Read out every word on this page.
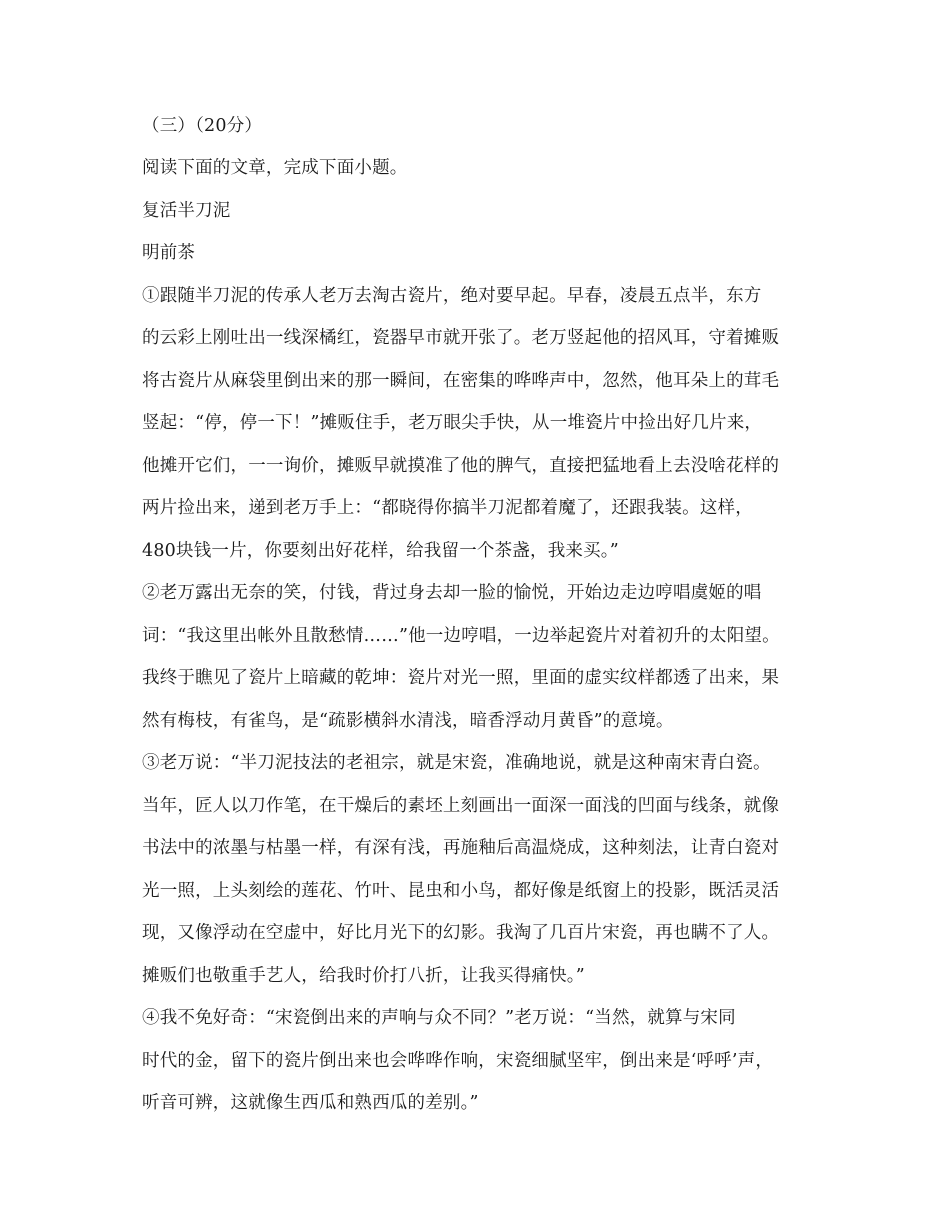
（三）（20分）
阅读下面的文章，完成下面小题。
复活半刀泥
明前茶
①跟随半刀泥的传承人老万去淘古瓷片，绝对要早起。早春，凌晨五点半，东方
的云彩上刚吐出一线深橘红，瓷器早市就开张了。老万竖起他的招风耳，守着摊贩
将古瓷片从麻袋里倒出来的那一瞬间，在密集的哗哗声中，忽然，他耳朵上的茸毛
竖起：“停，停一下！”摊贩住手，老万眼尖手快，从一堆瓷片中捡出好几片来，
他摊开它们，一一询价，摊贩早就摸准了他的脾气，直接把猛地看上去没啥花样的
两片捡出来，递到老万手上：“都晓得你搞半刀泥都着魔了，还跟我装。这样，
480块钱一片，你要刻出好花样，给我留一个茶盏，我来买。”
②老万露出无奈的笑，付钱，背过身去却一脸的愉悦，开始边走边哼唱虞姬的唱
词：“我这里出帐外且散愁情……”他一边哼唱，一边举起瓷片对着初升的太阳望。
我终于瞧见了瓷片上暗藏的乾坤：瓷片对光一照，里面的虚实纹样都透了出来，果
然有梅枝，有雀鸟，是“疏影横斜水清浅，暗香浮动月黄昏”的意境。
③老万说：“半刀泥技法的老祖宗，就是宋瓷，准确地说，就是这种南宋青白瓷。
当年，匠人以刀作笔，在干燥后的素坯上刻画出一面深一面浅的凹面与线条，就像
书法中的浓墨与枯墨一样，有深有浅，再施釉后高温烧成，这种刻法，让青白瓷对
光一照，上头刻绘的莲花、竹叶、昆虫和小鸟，都好像是纸窗上的投影，既活灵活
现，又像浮动在空虚中，好比月光下的幻影。我淘了几百片宋瓷，再也瞒不了人。
摊贩们也敬重手艺人，给我时价打八折，让我买得痛快。”
④我不免好奇：“宋瓷倒出来的声响与众不同？”老万说：“当然，就算与宋同
时代的金，留下的瓷片倒出来也会哗哗作响，宋瓷细腻坚牢，倒出来是‘呼呼’声，
听音可辨，这就像生西瓜和熟西瓜的差别。”
